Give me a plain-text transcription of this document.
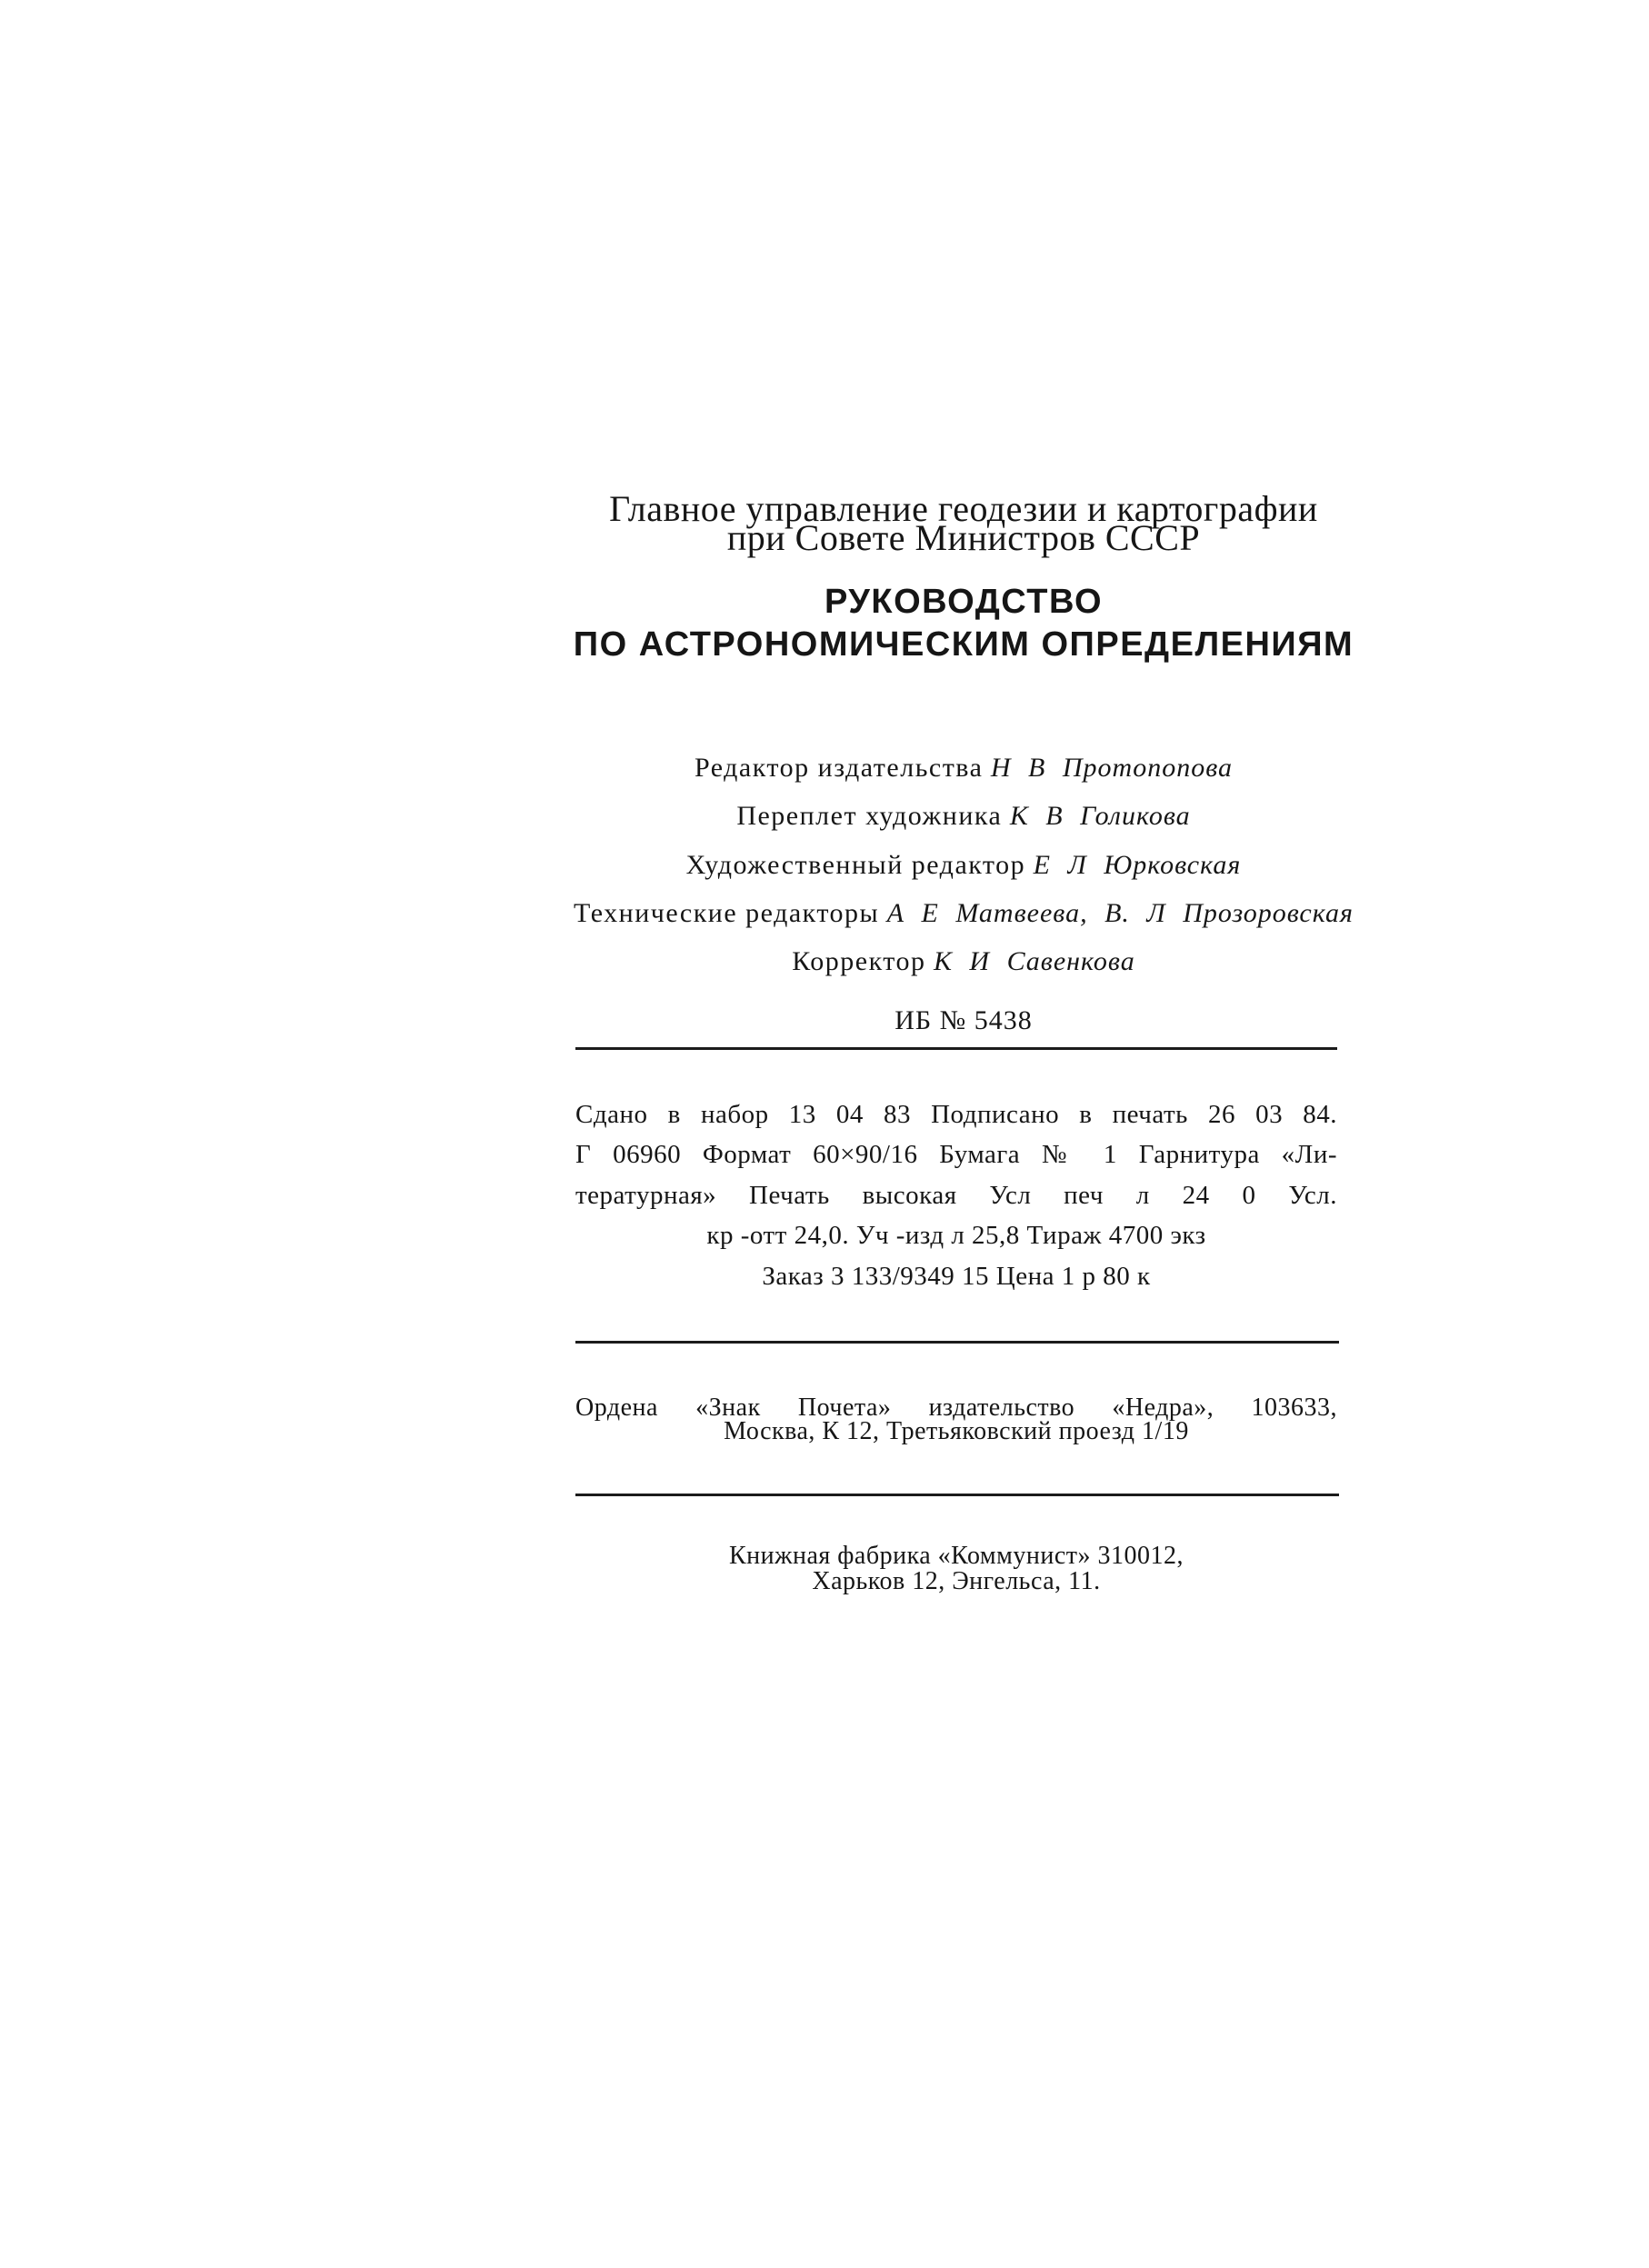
Главное управление геодезии и картографии
при Совете Министров СССР
РУКОВОДСТВО
ПО АСТРОНОМИЧЕСКИМ ОПРЕДЕЛЕНИЯМ
Редактор издательства Н В Протопопова
Переплет художника К В Голикова
Художественный редактор Е Л Юрковская
Технические редакторы А Е Матвеева, В. Л Прозоровская
Корректор К И Савенкова
ИБ № 5438
Сдано в набор 13 04 83 Подписано в печать 26 03 84.
Г 06960 Формат 60×90/16 Бумага № 1 Гарнитура «Ли-
тературная» Печать высокая Усл печ л 24 0 Усл.
кр -отт 24,0. Уч -изд л 25,8 Тираж 4700 экз
Заказ 3 133/9349 15 Цена 1 р 80 к
Ордена «Знак Почета» издательство «Недра», 103633,
Москва, К 12, Третьяковский проезд 1/19
Книжная фабрика «Коммунист» 310012,
Харьков 12, Энгельса, 11.
